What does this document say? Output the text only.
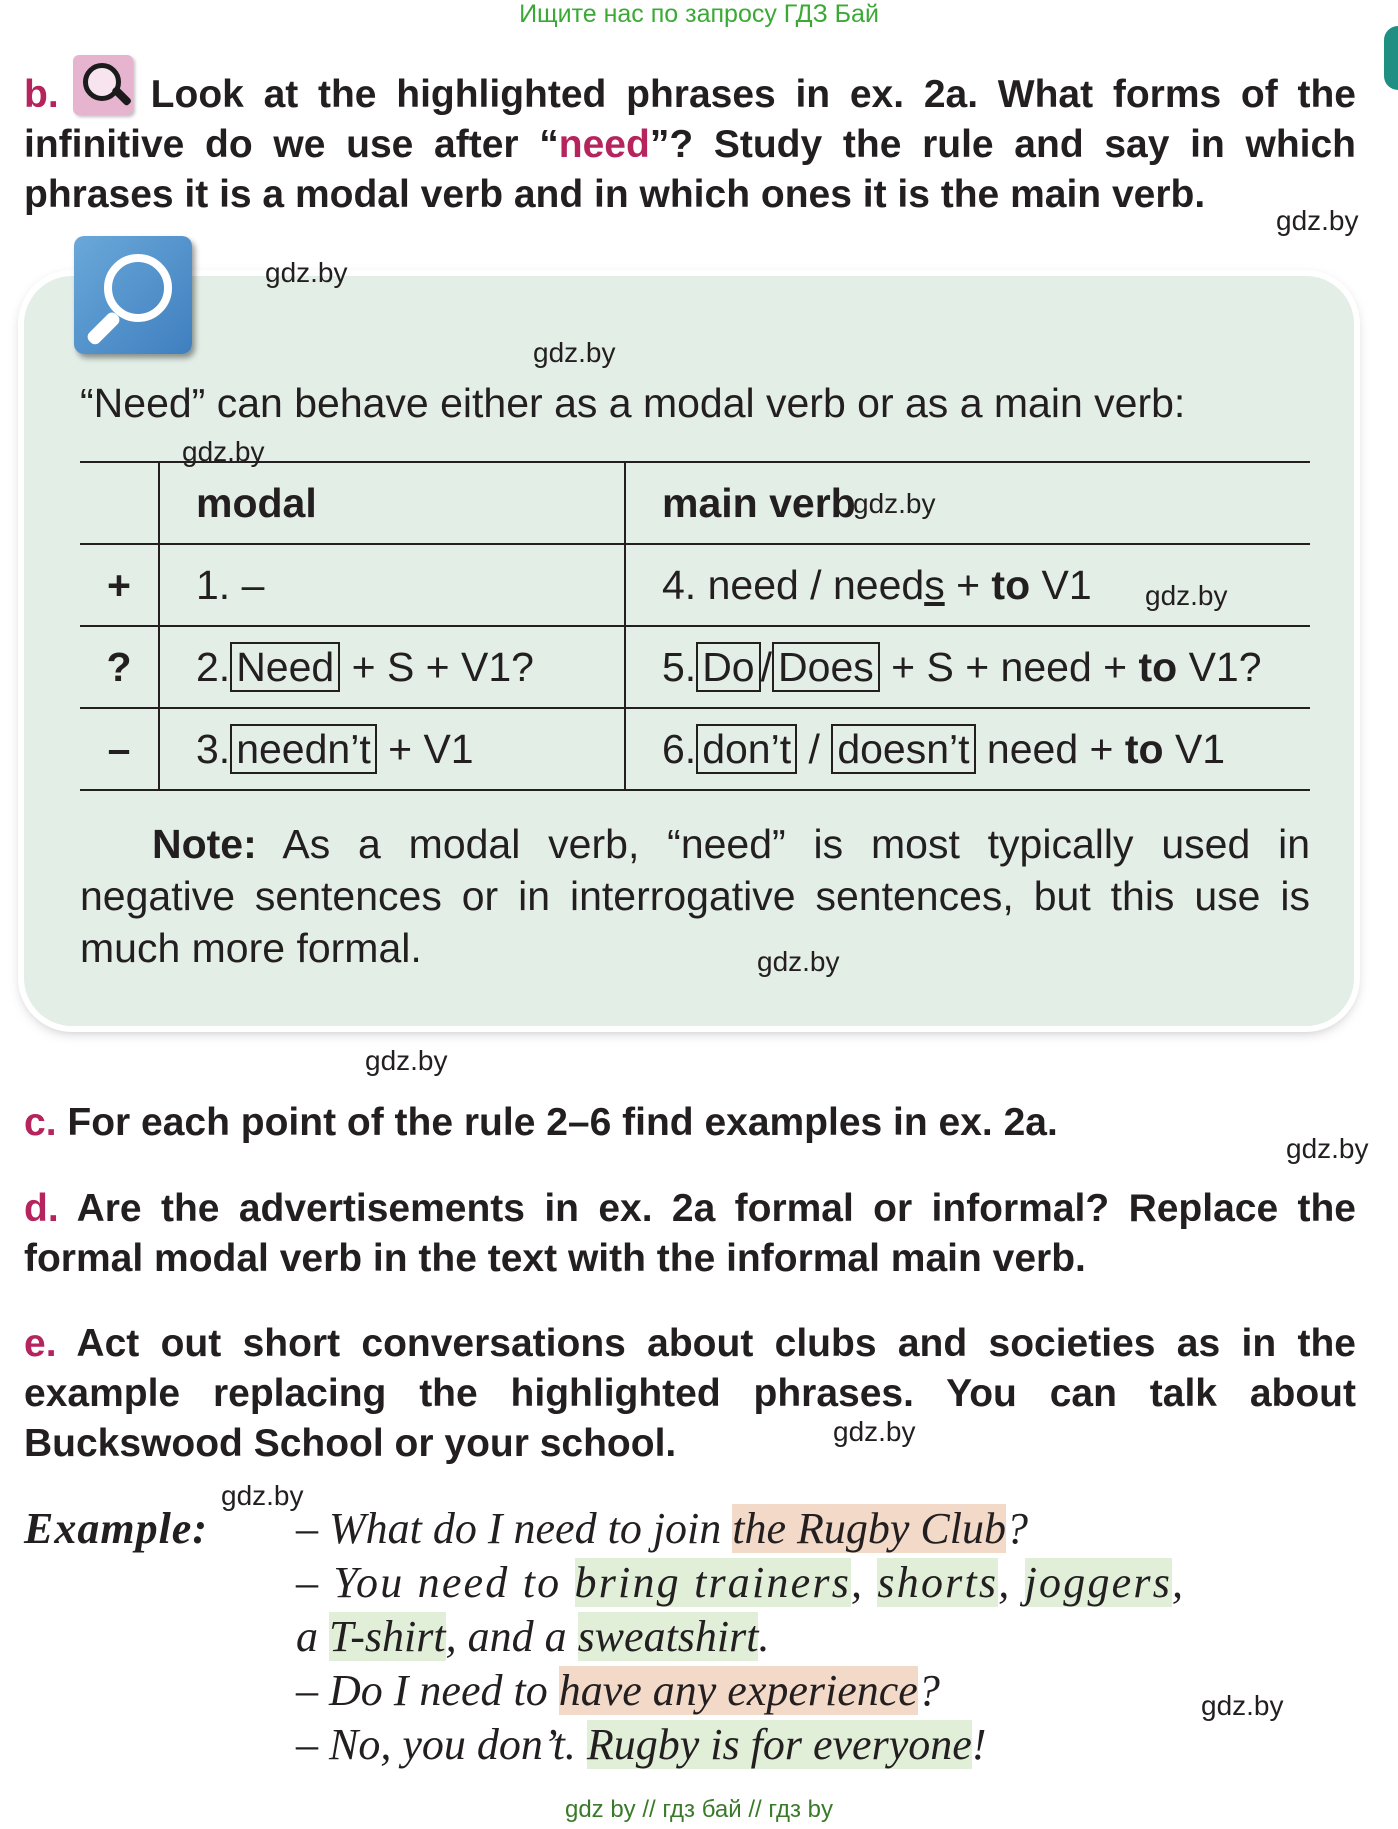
Ищите нас по запросу ГДЗ Бай
b. Look at the highlighted phrases in ex. 2a. What forms of the infinitive do we use after “need”? Study the rule and say in which phrases it is a modal verb and in which ones it is the main verb.
“Need” can behave either as a modal verb or as a main verb:
	modal	main verb
+	1. –	4. need / needs + to V1
?	2. Need + S + V1?	5. Do / Does + S + need + to V1?
–	3. needn’t + V1	6. don’t / doesn’t need + to V1
Note: As a modal verb, “need” is most typically used in negative sentences or in interrogative sentences, but this use is much more formal.
c. For each point of the rule 2–6 find examples in ex. 2a.
d. Are the advertisements in ex. 2a formal or informal? Replace the formal modal verb in the text with the informal main verb.
e. Act out short conversations about clubs and societies as in the example replacing the highlighted phrases. You can talk about Buckswood School or your school.
Example: – What do I need to join the Rugby Club?
– You need to bring trainers, shorts, joggers,
a T-shirt, and a sweatshirt.
– Do I need to have any experience?
– No, you don’t. Rugby is for everyone!
gdz.by
gdz.by
gdz.by
gdz.by
gdz.by
gdz.by
gdz.by
gdz.by
gdz.by
gdz.by
gdz.by
gdz.by
gdz by // гдз бай // гдз by
